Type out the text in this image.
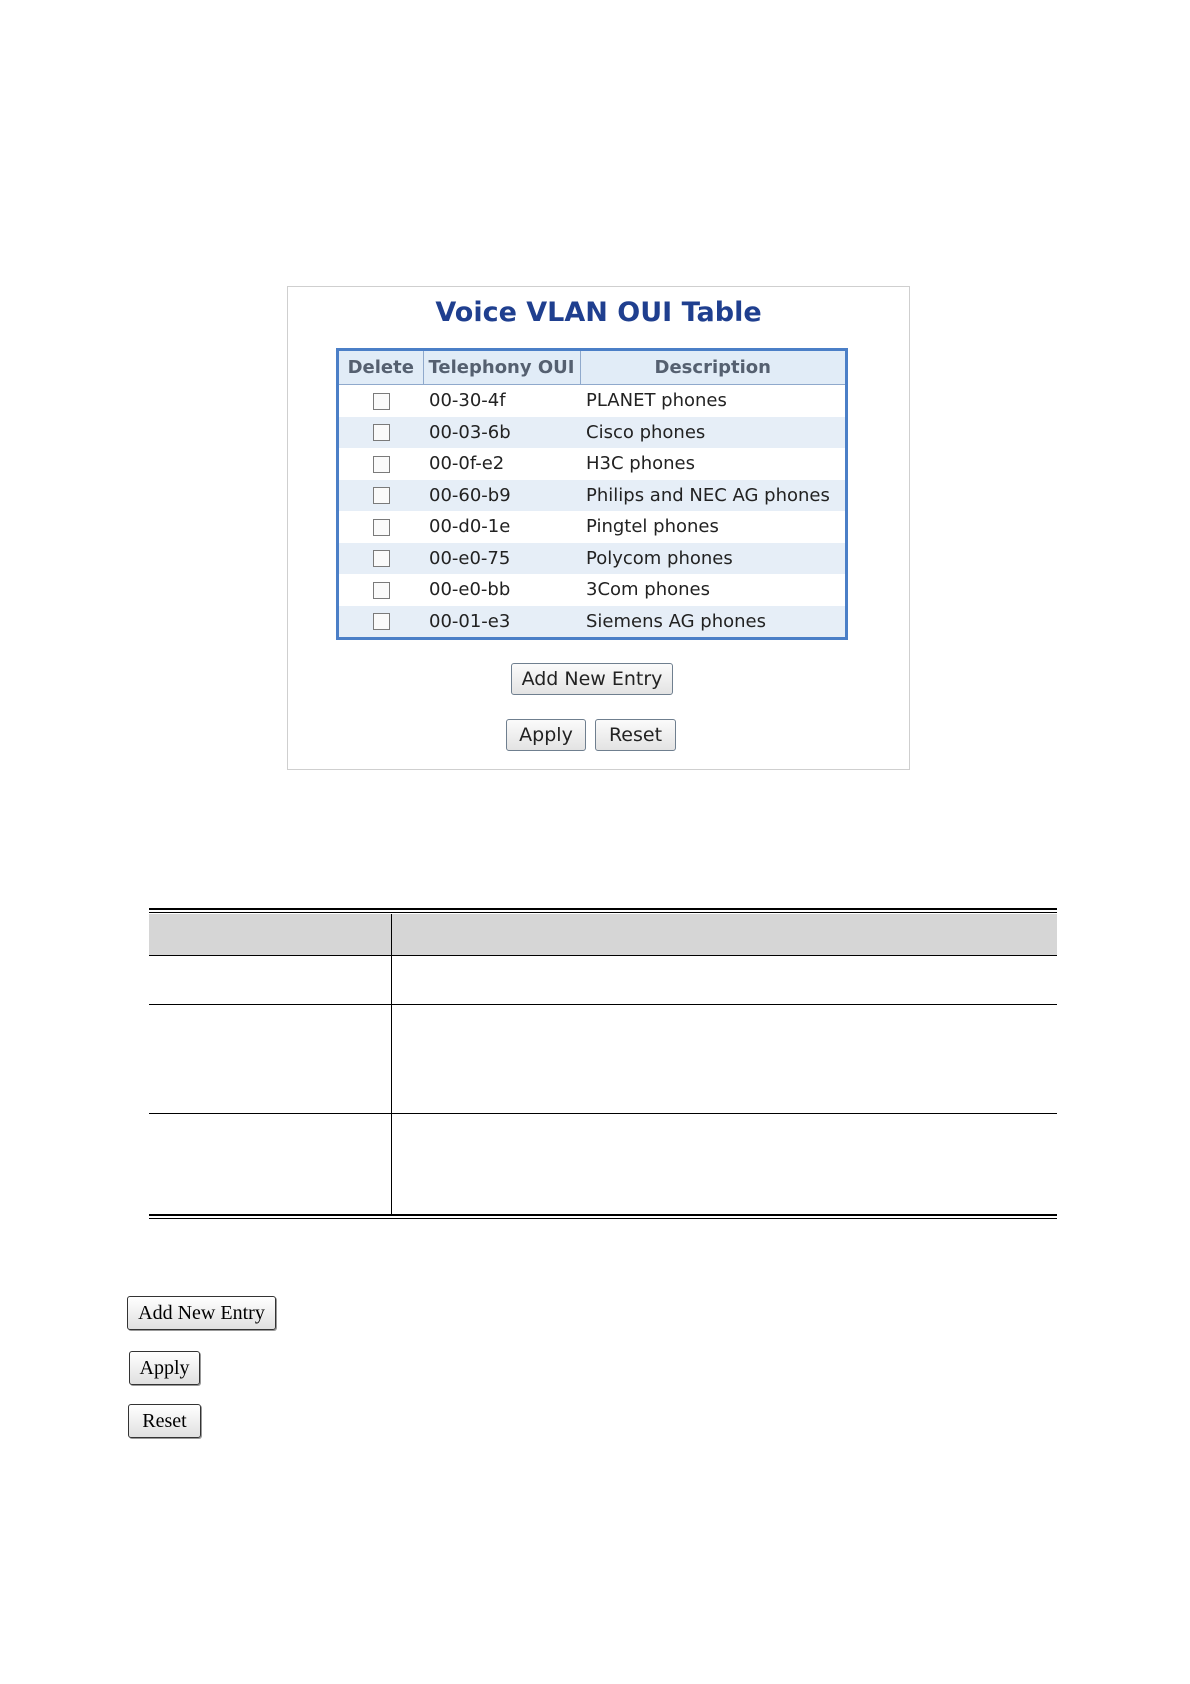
Voice VLAN OUI Table
Delete	Telephony OUI	Description
	00-30-4f	PLANET phones
	00-03-6b	Cisco phones
	00-0f-e2	H3C phones
	00-60-b9	Philips and NEC AG phones
	00-d0-1e	Pingtel phones
	00-e0-75	Polycom phones
	00-e0-bb	3Com phones
	00-01-e3	Siemens AG phones
Add New Entry
Apply	Reset
Add New Entry
Apply
Reset
